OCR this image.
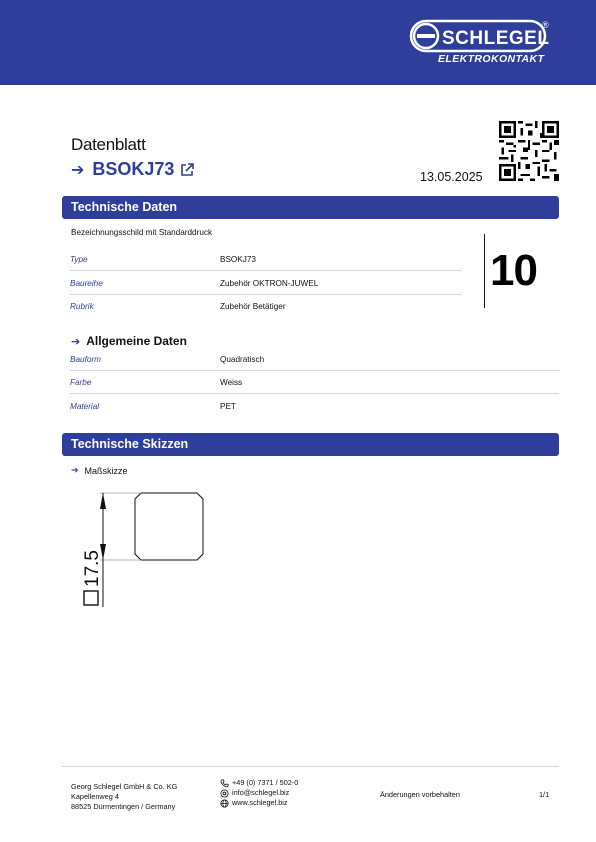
SCHLEGEL
®
ELEKTROKONTAKT
Datenblatt
➔ BSOKJ73	13.05.2025
Technische Daten
Bezeichnungsschild mit Standarddruck
Type	BSOKJ73
Baureihe	Zubehör OKTRON-JUWEL
Rubrik	Zubehör Betätiger
10
➔ Allgemeine Daten
Bauform	Quadratisch
Farbe	Weiss
Material	PET
Technische Skizzen
➔ Maßskizze
17.5
Georg Schlegel GmbH & Co. KG
Kapellenweg 4
88525 Dürmentingen / Germany
+49 (0) 7371 / 502-0
info@schlegel.biz
www.schlegel.biz
Änderungen vorbehalten	1/1
